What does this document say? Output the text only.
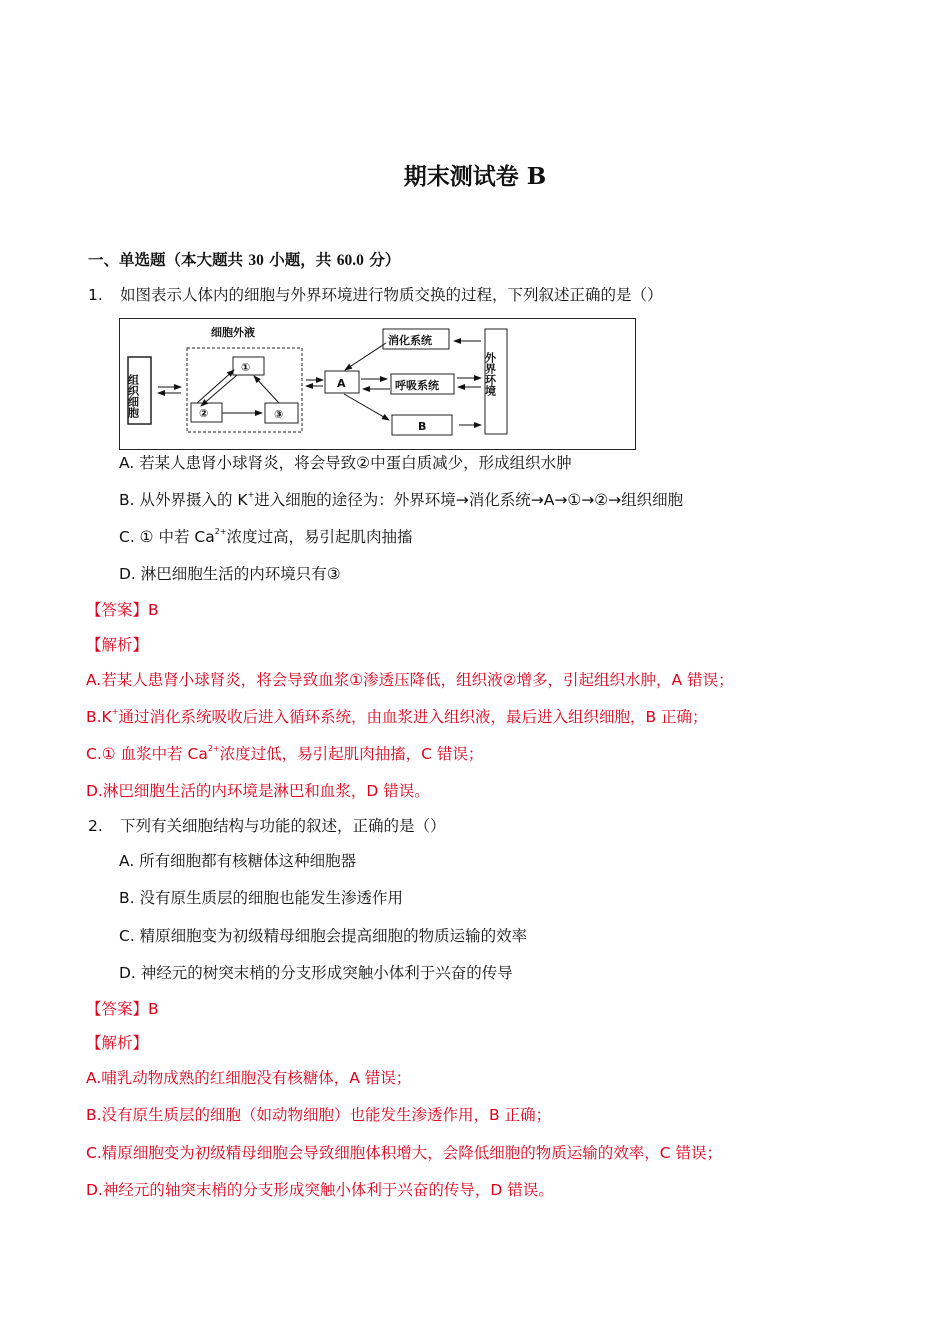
期末测试卷 B
一、单选题（本大题共 30 小题，共 60.0 分）
1. 如图表示人体内的细胞与外界环境进行物质交换的过程，下列叙述正确的是（）
细胞外液
组织细胞
①
②	③
A
消化系统
呼吸系统
B
外界环境
A. 若某人患肾小球肾炎，将会导致②中蛋白质减少，形成组织水肿
B. 从外界摄入的 K+进入细胞的途径为：外界环境→消化系统→A→①→②→组织细胞
C. ① 中若 $Ca^{2+}$浓度过高，易引起肌肉抽搐
D. 淋巴细胞生活的内环境只有③
【答案】B
【解析】
A.若某人患肾小球肾炎，将会导致血浆①渗透压降低，组织液②增多，引起组织水肿，A 错误；
B.K+通过消化系统吸收后进入循环系统，由血浆进入组织液，最后进入组织细胞，B 正确；
C.① 血浆中若 $Ca^{2+}$浓度过低，易引起肌肉抽搐，C 错误；
D.淋巴细胞生活的内环境是淋巴和血浆，D 错误。
2. 下列有关细胞结构与功能的叙述，正确的是（）
A. 所有细胞都有核糖体这种细胞器
B. 没有原生质层的细胞也能发生渗透作用
C. 精原细胞变为初级精母细胞会提高细胞的物质运输的效率
D. 神经元的树突末梢的分支形成突触小体利于兴奋的传导
【答案】B
【解析】
A.哺乳动物成熟的红细胞没有核糖体，A 错误；
B.没有原生质层的细胞（如动物细胞）也能发生渗透作用，B 正确；
C.精原细胞变为初级精母细胞会导致细胞体积增大，会降低细胞的物质运输的效率，C 错误；
D.神经元的轴突末梢的分支形成突触小体利于兴奋的传导，D 错误。
